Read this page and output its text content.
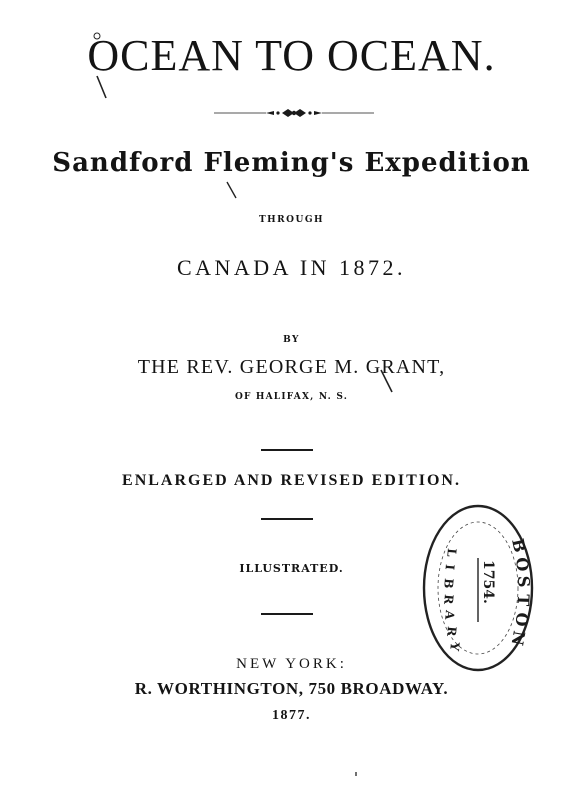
OCEAN TO OCEAN.
Sandford Fleming's Expedition
THROUGH
CANADA IN 1872.
BY
THE REV. GEORGE M. GRANT,
OF HALIFAX, N. S.
ENLARGED AND REVISED EDITION.
ILLUSTRATED.
NEW YORK:
R. WORTHINGTON, 750 BROADWAY.
1877.
B
O
S
T
O
N
1754.
L
I
B
R
A
R
Y
